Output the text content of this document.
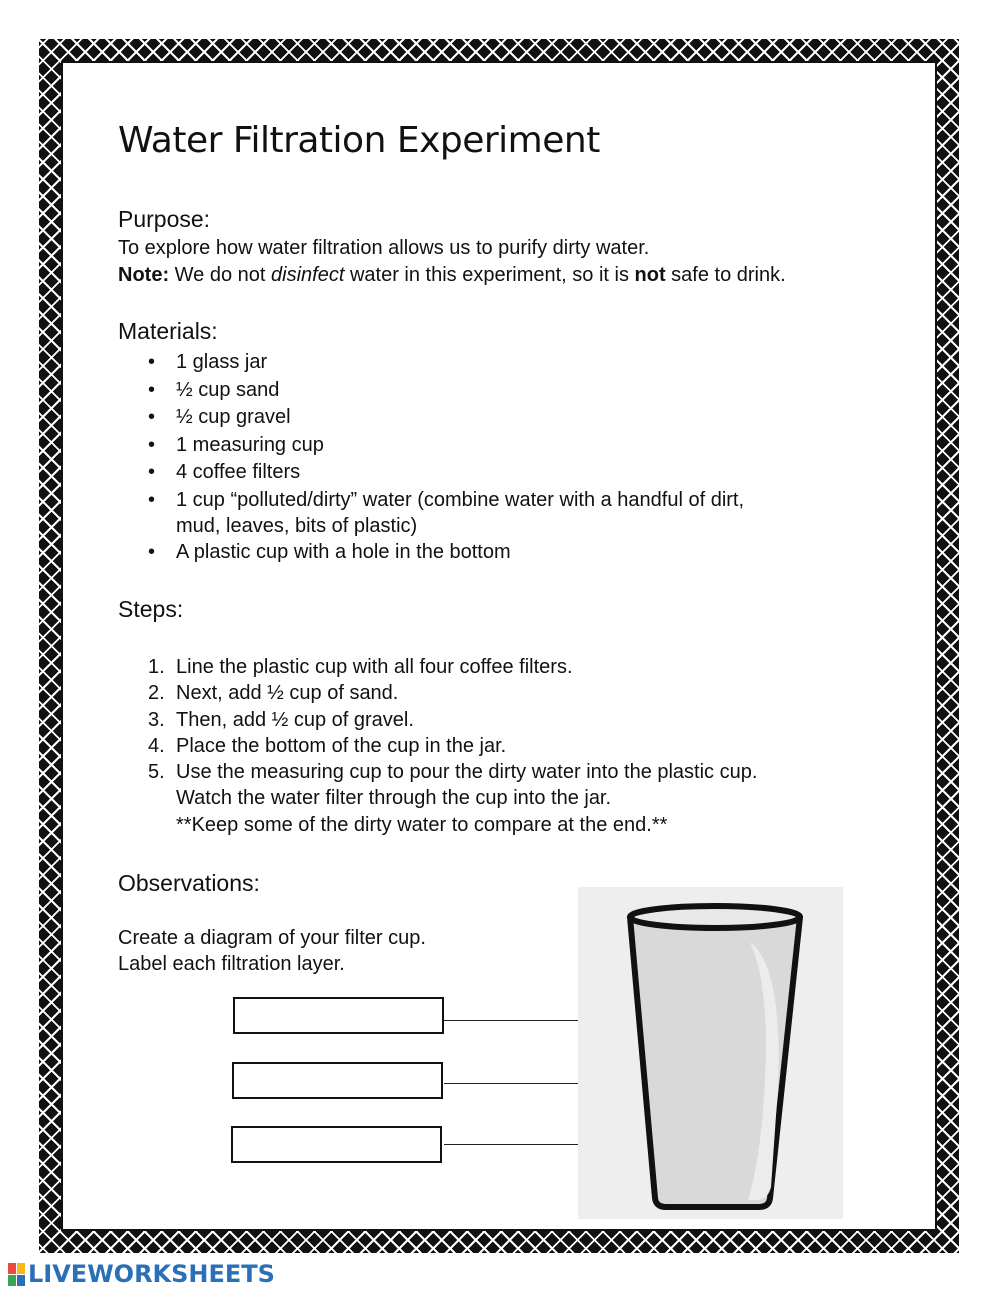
Water Filtration Experiment
Purpose:

To explore how water filtration allows us to purify dirty water.

Note: We do not disinfect water in this experiment, so it is not safe to drink.

Materials:
• 1 glass jar
• ½ cup sand
• ½ cup gravel
• 1 measuring cup
• 4 coffee filters
• 1 cup “polluted/dirty” water (combine water with a handful of dirt,
mud, leaves, bits of plastic)
• A plastic cup with a hole in the bottom
Steps:
1. Line the plastic cup with all four coffee filters.
2. Next, add ½ cup of sand.
3. Then, add ½ cup of gravel.
4. Place the bottom of the cup in the jar.
5. Use the measuring cup to pour the dirty water into the plastic cup.
Watch the water filter through the cup into the jar.
**Keep some of the dirty water to compare at the end.**
Observations:

Create a diagram of your filter cup.

Label each filtration layer.

LIVEWORKSHEETS
